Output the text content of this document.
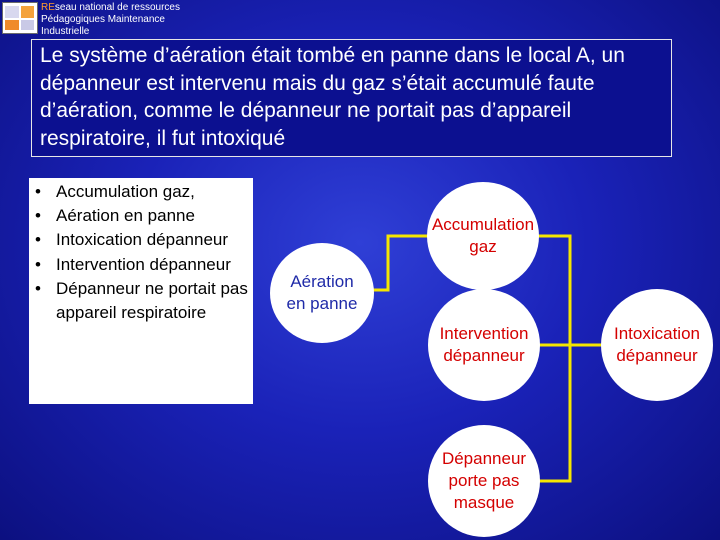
REseau national de ressources
Pédagogiques Maintenance
Industrielle
Le système d’aération était tombé en panne dans le local A, un dépanneur est intervenu mais du gaz s’était accumulé faute d’aération, comme le dépanneur ne portait pas d’appareil respiratoire, il fut intoxiqué
• Accumulation gaz,
• Aération en panne
• Intoxication dépanneur
• Intervention dépanneur
• Dépanneur ne portait pas appareil respiratoire
Accumulation
gaz
Aération
en panne
Intervention
dépanneur
Intoxication
dépanneur
Dépanneur
porte pas
masque
